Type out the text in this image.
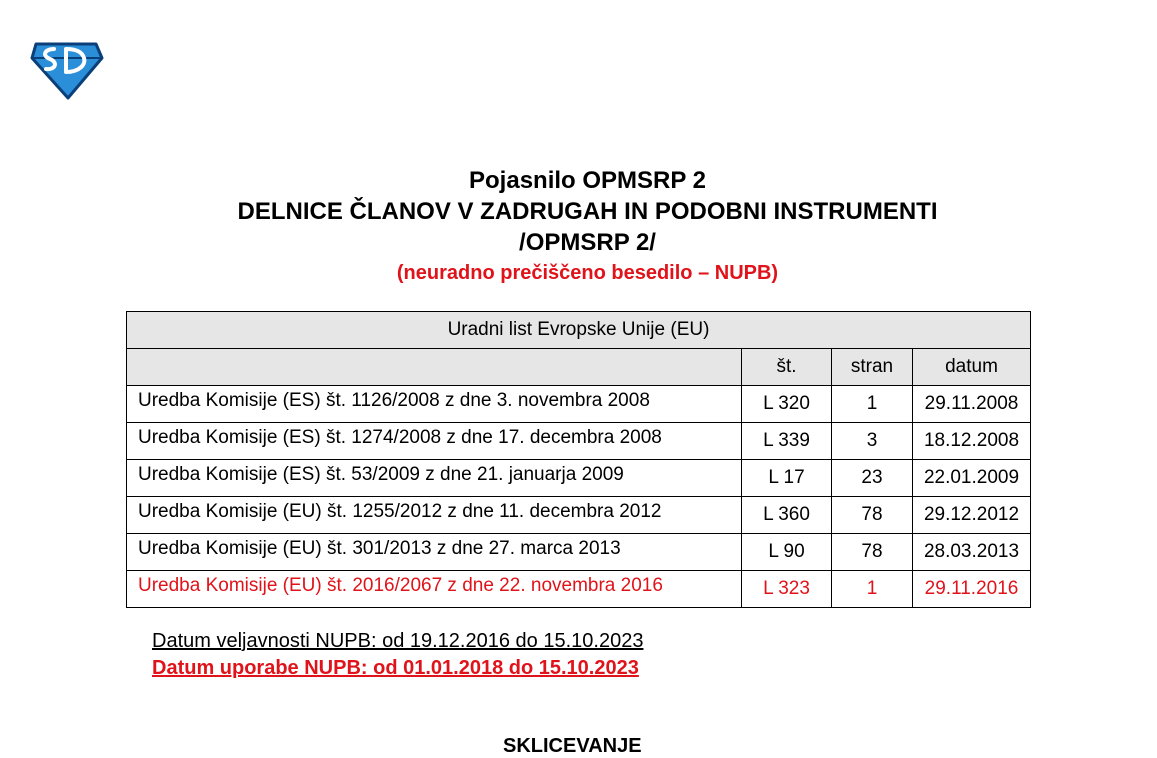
Pojasnilo OPMSRP 2
DELNICE ČLANOV V ZADRUGAH IN PODOBNI INSTRUMENTI
/OPMSRP 2/
(neuradno prečiščeno besedilo – NUPB)
Uradni list Evropske Unije (EU)			
	št.	stran	datum
Uredba Komisije (ES) št. 1126/2008 z dne 3. novembra 2008	L 320	1	29.11.2008
Uredba Komisije (ES) št. 1274/2008 z dne 17. decembra 2008	L 339	3	18.12.2008
Uredba Komisije (ES) št. 53/2009 z dne 21. januarja 2009	L 17	23	22.01.2009
Uredba Komisije (EU) št. 1255/2012 z dne 11. decembra 2012	L 360	78	29.12.2012
Uredba Komisije (EU) št. 301/2013 z dne 27. marca 2013	L 90	78	28.03.2013
Uredba Komisije (EU) št. 2016/2067 z dne 22. novembra 2016	L 323	1	29.11.2016
Datum veljavnosti NUPB: od 19.12.2016 do 15.10.2023
Datum uporabe NUPB: od 01.01.2018 do 15.10.2023
SKLICEVANJE
